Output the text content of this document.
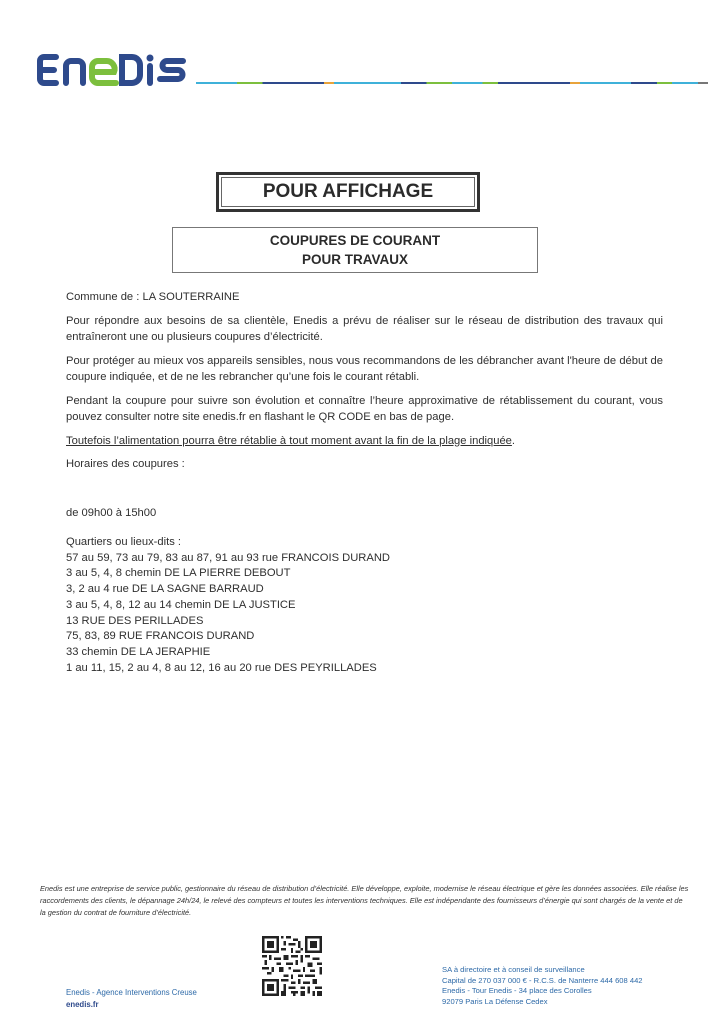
POUR AFFICHAGE
COUPURES DE COURANT
POUR TRAVAUX

Commune de : LA SOUTERRAINE

Pour répondre aux besoins de sa clientèle, Enedis a prévu de réaliser sur le réseau de distribution des travaux qui entraîneront une ou plusieurs coupures d’électricité.

Pour protéger au mieux vos appareils sensibles, nous vous recommandons de les débrancher avant l'heure de début de coupure indiquée, et de ne les rebrancher qu’une fois le courant rétabli.

Pendant la coupure pour suivre son évolution et connaître l’heure approximative de rétablissement du courant, vous pouvez consulter notre site enedis.fr en flashant le QR CODE en bas de page.

Toutefois l’alimentation pourra être rétablie à tout moment avant la fin de la plage indiquée.

Horaires des coupures :

de 09h00 à 15h00

Quartiers ou lieux-dits :
57 au 59, 73 au 79, 83 au 87, 91 au 93 rue FRANCOIS DURAND
3 au 5, 4, 8 chemin DE LA PIERRE DEBOUT
3, 2 au 4 rue DE LA SAGNE BARRAUD
3 au 5, 4, 8, 12 au 14 chemin DE LA JUSTICE
13 RUE DES PERILLADES
75, 83, 89 RUE FRANCOIS DURAND
33 chemin DE LA JERAPHIE
1 au 11, 15, 2 au 4, 8 au 12, 16 au 20 rue DES PEYRILLADES
Enedis est une entreprise de service public, gestionnaire du réseau de distribution d’électricité. Elle développe, exploite, modernise le réseau électrique et gère les données associées. Elle réalise les raccordements des clients, le dépannage 24h/24, le relevé des compteurs et toutes les interventions techniques. Elle est indépendante des fournisseurs d’énergie qui sont chargés de la vente et de la gestion du contrat de fourniture d’électricité.
Enedis - Agence Interventions Creuse
enedis.fr
SA à directoire et à conseil de surveillance
Capital de 270 037 000 € - R.C.S. de Nanterre 444 608 442
Enedis - Tour Enedis - 34 place des Corolles
92079 Paris La Défense Cedex
